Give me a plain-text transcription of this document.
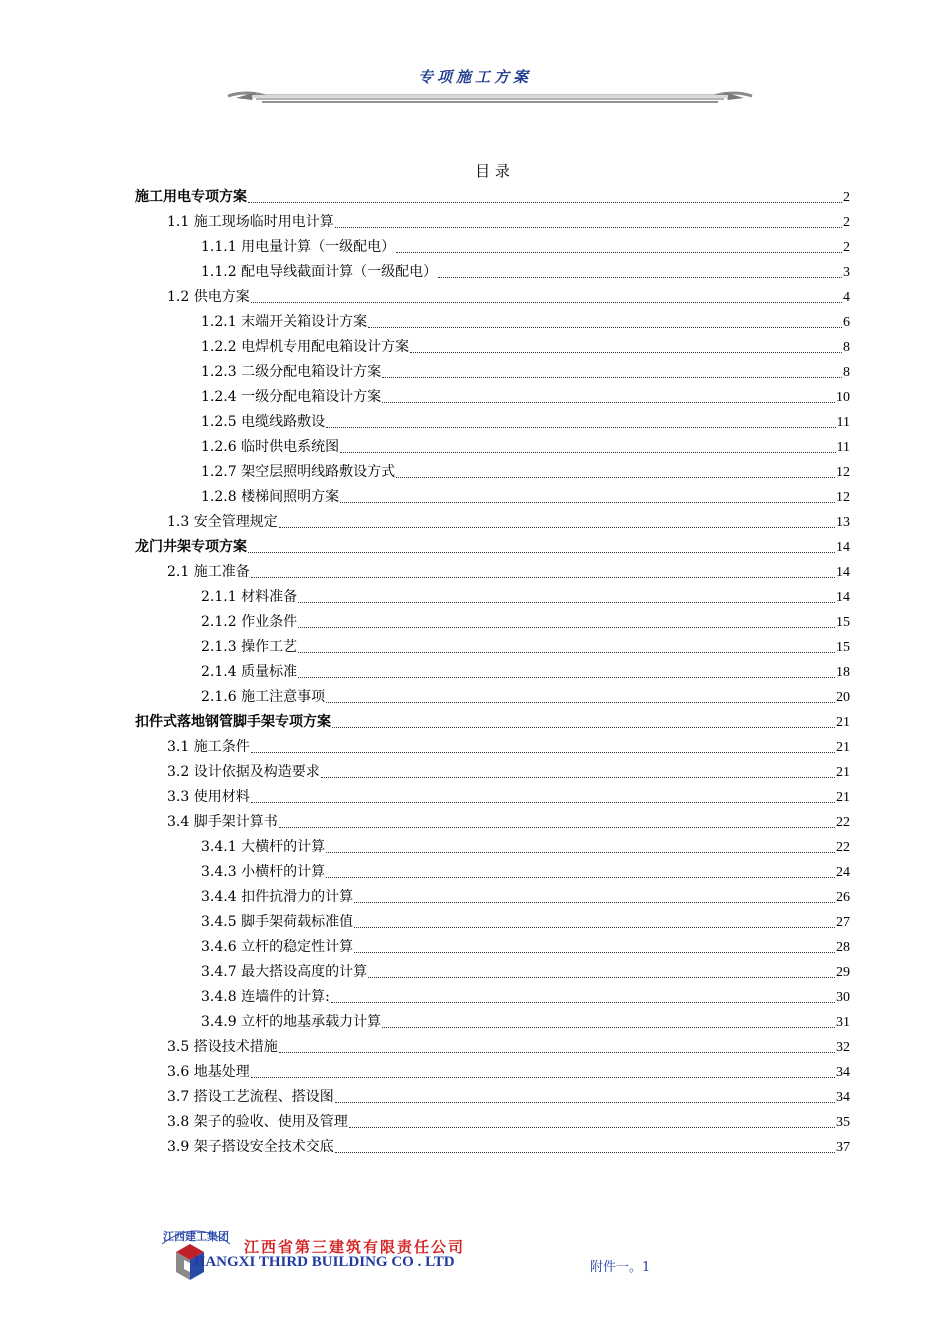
专项施工方案
目 录
施工用电专项方案	2
1.1 施工现场临时用电计算	2
1.1.1 用电量计算（一级配电）	2
1.1.2 配电导线截面计算（一级配电）	3
1.2 供电方案	4
1.2.1 末端开关箱设计方案	6
1.2.2 电焊机专用配电箱设计方案	8
1.2.3 二级分配电箱设计方案	8
1.2.4 一级分配电箱设计方案	10
1.2.5 电缆线路敷设	11
1.2.6 临时供电系统图	11
1.2.7 架空层照明线路敷设方式	12
1.2.8 楼梯间照明方案	12
1.3 安全管理规定	13
龙门井架专项方案	14
2.1 施工准备	14
2.1.1 材料准备	14
2.1.2 作业条件	15
2.1.3 操作工艺	15
2.1.4 质量标准	18
2.1.6 施工注意事项	20
扣件式落地钢管脚手架专项方案	21
3.1 施工条件	21
3.2 设计依据及构造要求	21
3.3 使用材料	21
3.4 脚手架计算书	22
3.4.1 大横杆的计算	22
3.4.3 小横杆的计算	24
3.4.4 扣件抗滑力的计算	26
3.4.5 脚手架荷载标准值	27
3.4.6 立杆的稳定性计算	28
3.4.7 最大搭设高度的计算	29
3.4.8 连墙件的计算:	30
3.4.9 立杆的地基承载力计算	31
3.5 搭设技术措施	32
3.6 地基处理	34
3.7 搭设工艺流程、搭设图	34
3.8 架子的验收、使用及管理	35
3.9 架子搭设安全技术交底	37
江西建工集团
江西省第三建筑有限责任公司
JIANGXI THIRD BUILDING CO . LTD	附件一。1
